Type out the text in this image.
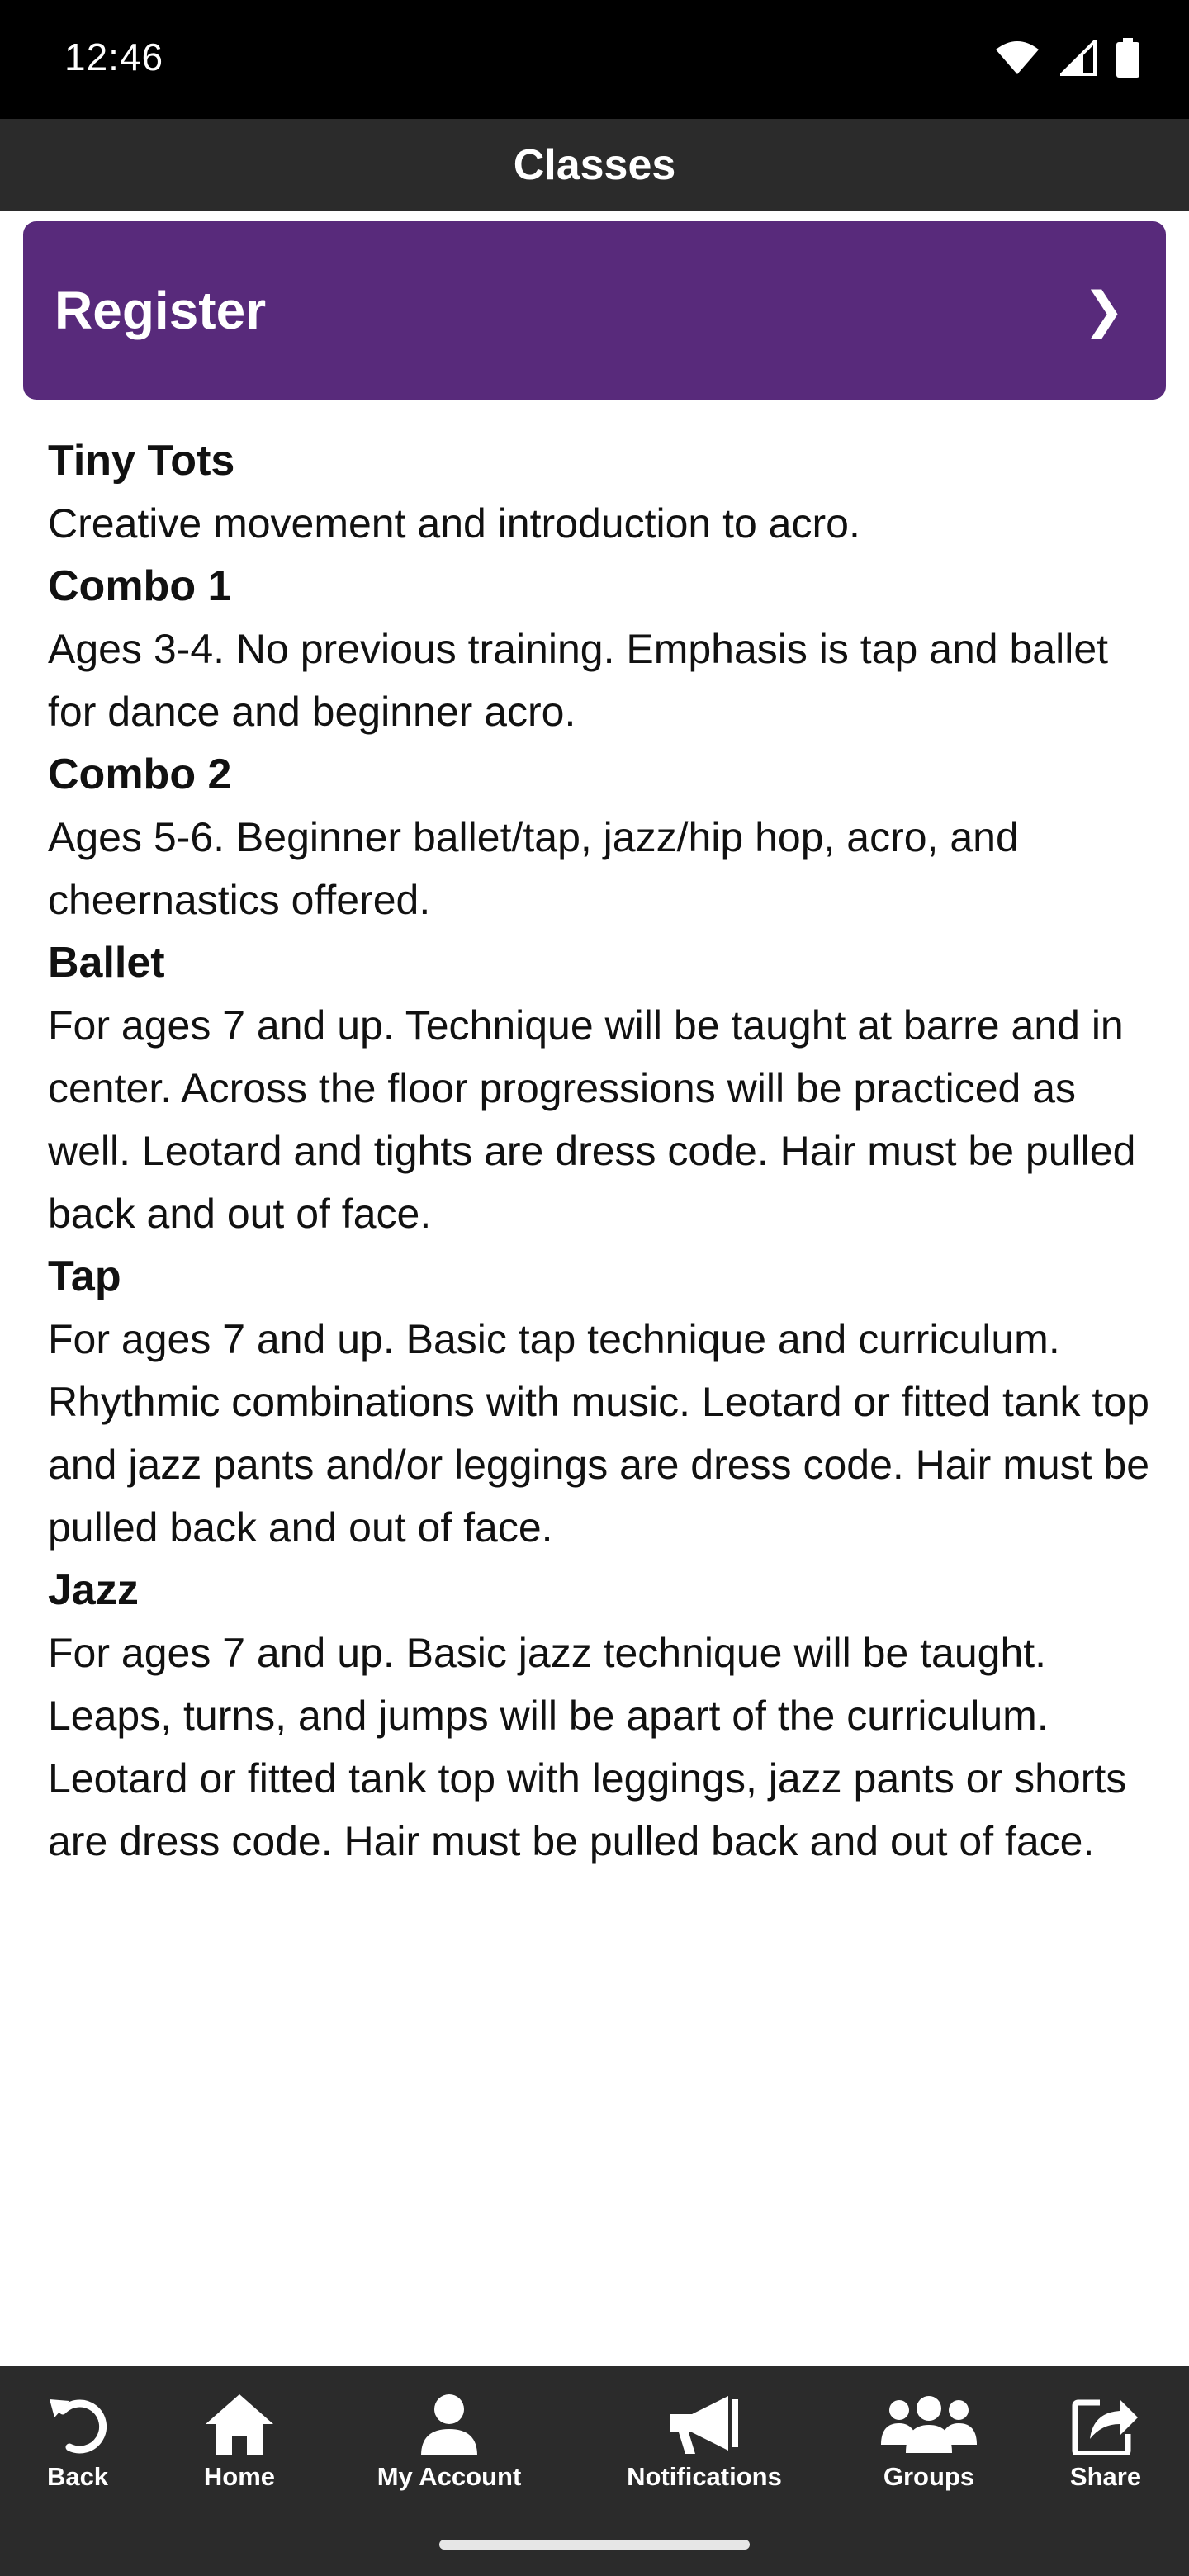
12:46
Classes
Register	❯
Tiny Tots

Creative movement and introduction to acro.

Combo 1

Ages 3-4. No previous training. Emphasis is tap and ballet for dance and beginner acro.

Combo 2

Ages 5-6. Beginner ballet/tap, jazz/hip hop, acro, and cheernastics offered.

Ballet

For ages 7 and up. Technique will be taught at barre and in center. Across the floor progressions will be practiced as well. Leotard and tights are dress code. Hair must be pulled back and out of face.

Tap

For ages 7 and up. Basic tap technique and curriculum. Rhythmic combinations with music. Leotard or fitted tank top and jazz pants and/or leggings are dress code. Hair must be pulled back and out of face.

Jazz

For ages 7 and up. Basic jazz technique will be taught. Leaps, turns, and jumps will be apart of the curriculum. Leotard or fitted tank top with leggings, jazz pants or shorts are dress code. Hair must be pulled back and out of face.

Back	Home	My Account	Notifications	Groups	Share
